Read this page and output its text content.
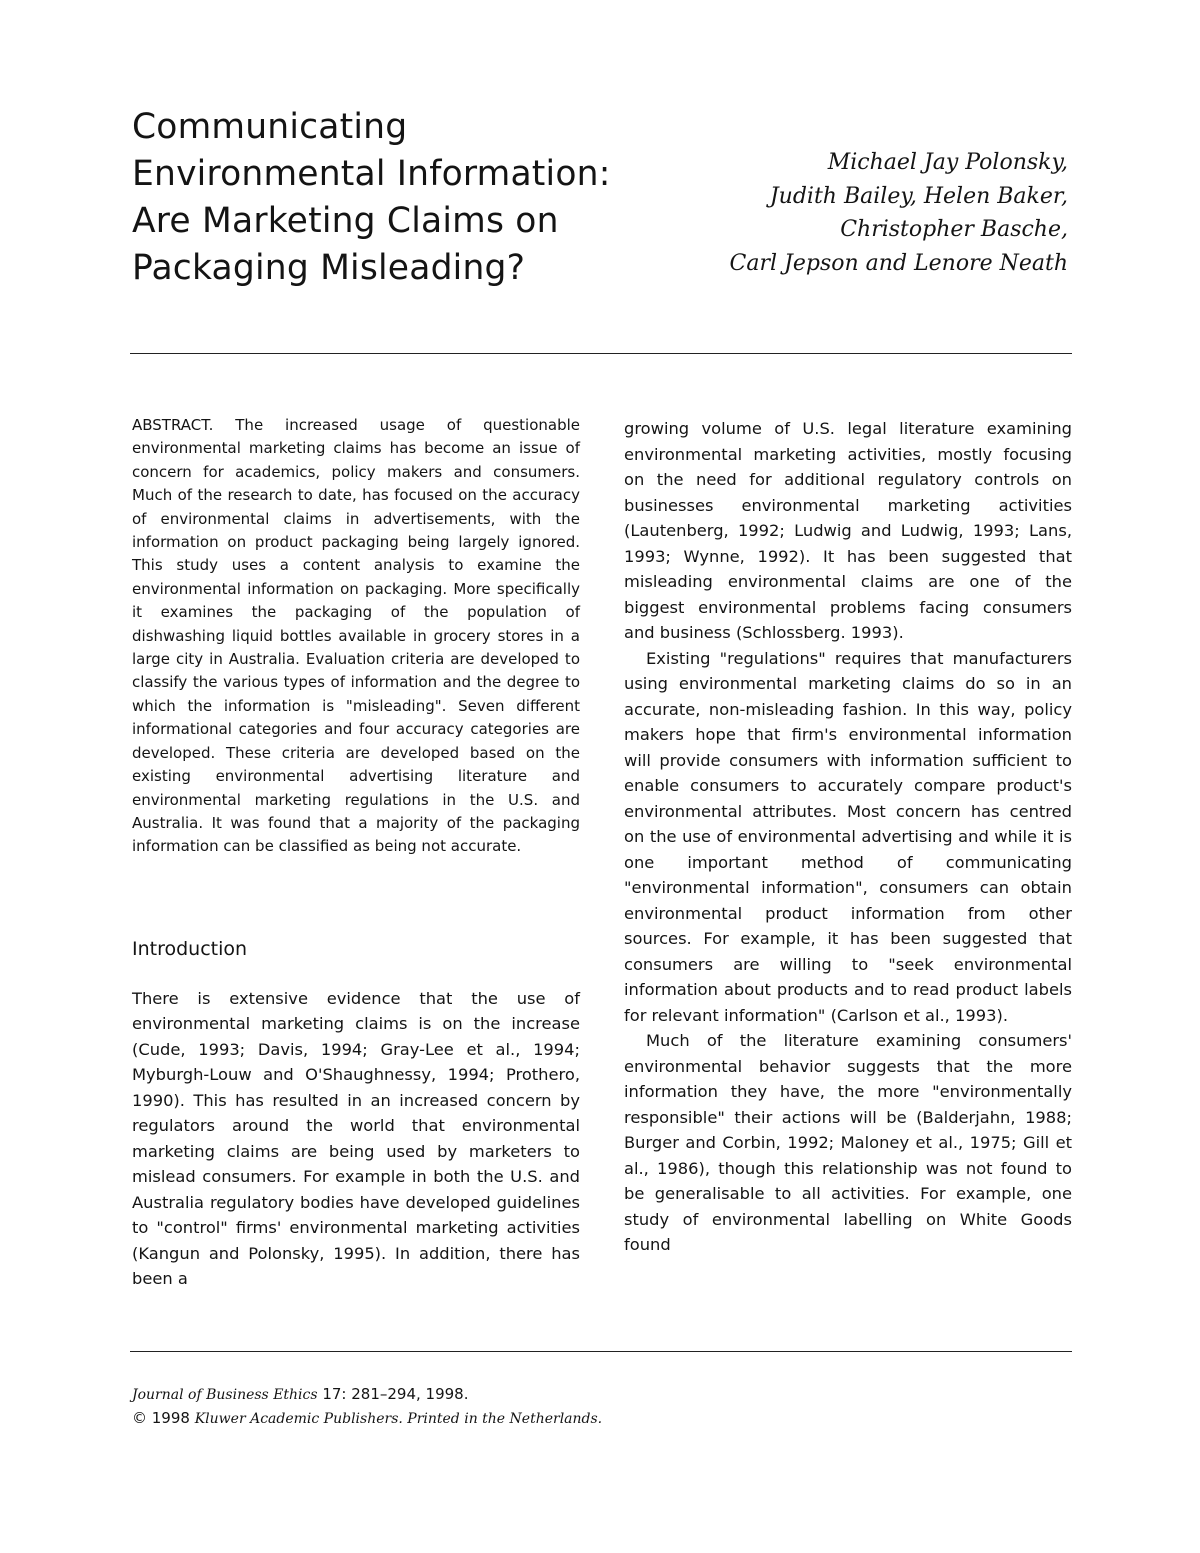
Communicating
Environmental Information:
Are Marketing Claims on
Packaging Misleading?
Michael Jay Polonsky,
Judith Bailey, Helen Baker,
Christopher Basche,
Carl Jepson and Lenore Neath

ABSTRACT. The increased usage of questionable environmental marketing claims has become an issue of concern for academics, policy makers and consumers. Much of the research to date, has focused on the accuracy of environmental claims in advertisements, with the information on product packaging being largely ignored. This study uses a content analysis to examine the environmental information on packaging. More specifically it examines the packaging of the population of dishwashing liquid bottles available in grocery stores in a large city in Australia. Evaluation criteria are developed to classify the various types of information and the degree to which the information is "misleading". Seven different informational categories and four accuracy categories are developed. These criteria are developed based on the existing environmental advertising literature and environmental marketing regulations in the U.S. and Australia. It was found that a majority of the packaging information can be classified as being not accurate.

Introduction

There is extensive evidence that the use of environmental marketing claims is on the increase (Cude, 1993; Davis, 1994; Gray-Lee et al., 1994; Myburgh-Louw and O'Shaughnessy, 1994; Prothero, 1990). This has resulted in an increased concern by regulators around the world that environmental marketing claims are being used by marketers to mislead consumers. For example in both the U.S. and Australia regulatory bodies have developed guidelines to "control" firms' environmental marketing activities (Kangun and Polonsky, 1995). In addition, there has been a

growing volume of U.S. legal literature examining environmental marketing activities, mostly focusing on the need for additional regulatory controls on businesses environmental marketing activities (Lautenberg, 1992; Ludwig and Ludwig, 1993; Lans, 1993; Wynne, 1992). It has been suggested that misleading environmental claims are one of the biggest environmental problems facing consumers and business (Schlossberg. 1993).

Existing "regulations" requires that manufacturers using environmental marketing claims do so in an accurate, non-misleading fashion. In this way, policy makers hope that firm's environmental information will provide consumers with information sufficient to enable consumers to accurately compare product's environmental attributes. Most concern has centred on the use of environmental advertising and while it is one important method of communicating "environmental information", consumers can obtain environmental product information from other sources. For example, it has been suggested that consumers are willing to "seek environmental information about products and to read product labels for relevant information" (Carlson et al., 1993).

Much of the literature examining consumers' environmental behavior suggests that the more information they have, the more "environmentally responsible" their actions will be (Balderjahn, 1988; Burger and Corbin, 1992; Maloney et al., 1975; Gill et al., 1986), though this relationship was not found to be generalisable to all activities. For example, one study of environmental labelling on White Goods found

Journal of Business Ethics 17: 281–294, 1998.
© 1998 Kluwer Academic Publishers. Printed in the Netherlands.
